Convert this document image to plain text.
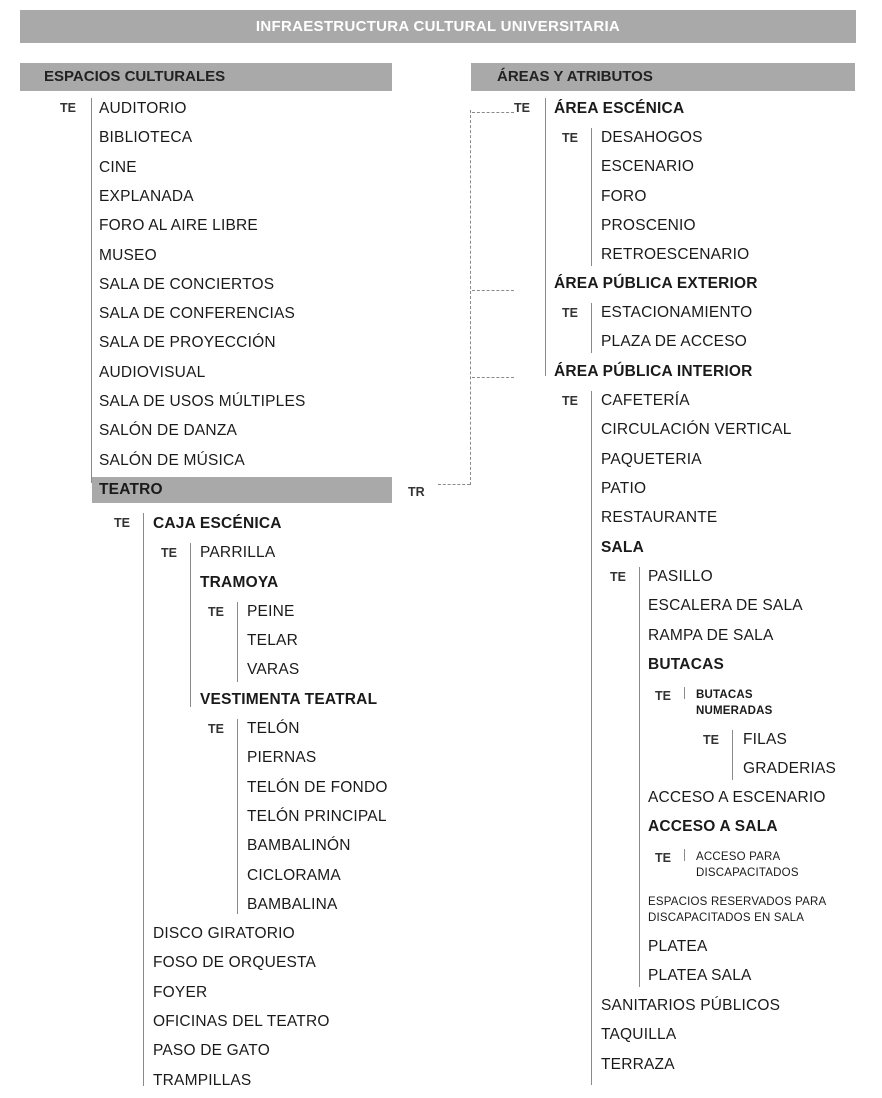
INFRAESTRUCTURA CULTURAL UNIVERSITARIA
ESPACIOS CULTURALES	ÁREAS Y ATRIBUTOS
TE AUDITORIO
BIBLIOTECA
CINE
EXPLANADA
FORO AL AIRE LIBRE
MUSEO
SALA DE CONCIERTOS
SALA DE CONFERENCIAS
SALA DE PROYECCIÓN
AUDIOVISUAL
SALA DE USOS MÚLTIPLES
SALÓN DE DANZA
SALÓN DE MÚSICA
TEATRO	TR
TE CAJA ESCÉNICA
TE PARRILLA
TRAMOYA
TE PEINE
TELAR
VARAS
VESTIMENTA TEATRAL
TE TELÓN
PIERNAS
TELÓN DE FONDO
TELÓN PRINCIPAL
BAMBALINÓN
CICLORAMA
BAMBALINA
DISCO GIRATORIO
FOSO DE ORQUESTA
FOYER
OFICINAS DEL TEATRO
PASO DE GATO
TRAMPILLAS
TE ÁREA ESCÉNICA
TE DESAHOGOS
ESCENARIO
FORO
PROSCENIO
RETROESCENARIO
ÁREA PÚBLICA EXTERIOR
TE ESTACIONAMIENTO
PLAZA DE ACCESO
ÁREA PÚBLICA INTERIOR
TE CAFETERÍA
CIRCULACIÓN VERTICAL
PAQUETERIA
PATIO
RESTAURANTE
SALA
TE PASILLO
ESCALERA DE SALA
RAMPA DE SALA
BUTACAS
TE BUTACAS NUMERADAS
TE FILAS
GRADERIAS
ACCESO A ESCENARIO
ACCESO A SALA
TE ACCESO PARA DISCAPACITADOS
ESPACIOS RESERVADOS PARA DISCAPACITADOS EN SALA
PLATEA
PLATEA SALA
SANITARIOS PÚBLICOS
TAQUILLA
TERRAZA
